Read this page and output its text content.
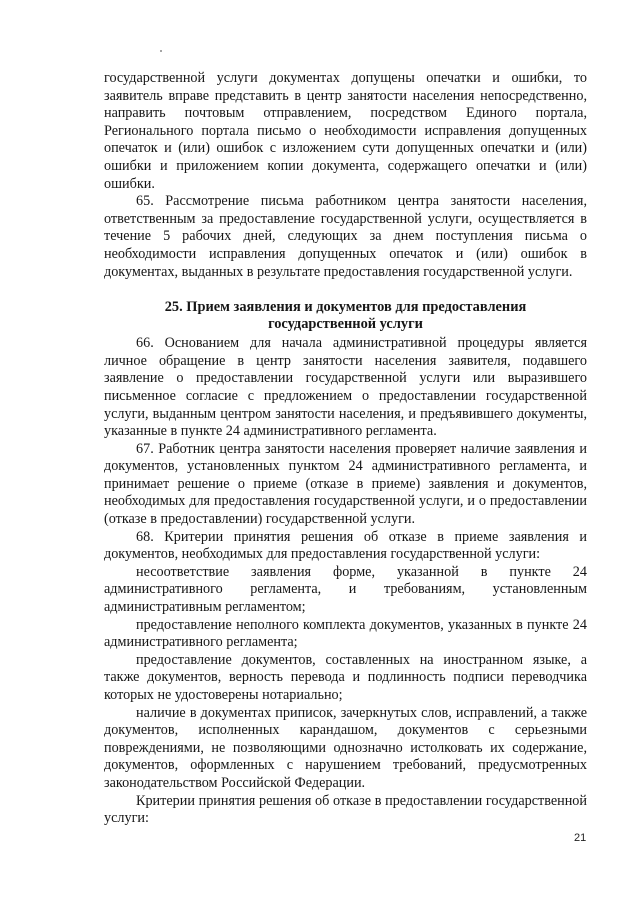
государственной услуги документах допущены опечатки и ошибки, то заявитель вправе представить в центр занятости населения непосредственно, направить почтовым отправлением, посредством Единого портала, Регионального портала письмо о необходимости исправления допущенных опечаток и (или) ошибок с изложением сути допущенных опечатки и (или) ошибки и приложением копии документа, содержащего опечатки и (или) ошибки.

65. Рассмотрение письма работником центра занятости населения, ответственным за предоставление государственной услуги, осуществляется в течение 5 рабочих дней, следующих за днем поступления письма о необходимости исправления допущенных опечаток и (или) ошибок в документах, выданных в результате предоставления государственной услуги.

25. Прием заявления и документов для предоставления
государственной услуги

66. Основанием для начала административной процедуры является личное обращение в центр занятости населения заявителя, подавшего заявление о предоставлении государственной услуги или выразившего письменное согласие с предложением о предоставлении государственной услуги, выданным центром занятости населения, и предъявившего документы, указанные в пункте 24 административного регламента.

67. Работник центра занятости населения проверяет наличие заявления и документов, установленных пунктом 24 административного регламента, и принимает решение о приеме (отказе в приеме) заявления и документов, необходимых для предоставления государственной услуги, и о предоставлении (отказе в предоставлении) государственной услуги.

68. Критерии принятия решения об отказе в приеме заявления и документов, необходимых для предоставления государственной услуги:

несоответствие заявления форме, указанной в пункте 24 административного регламента, и требованиям, установленным административным регламентом;

предоставление неполного комплекта документов, указанных в пункте 24 административного регламента;

предоставление документов, составленных на иностранном языке, а также документов, верность перевода и подлинность подписи переводчика которых не удостоверены нотариально;

наличие в документах приписок, зачеркнутых слов, исправлений, а также документов, исполненных карандашом, документов с серьезными повреждениями, не позволяющими однозначно истолковать их содержание, документов, оформленных с нарушением требований, предусмотренных законодательством Российской Федерации.

Критерии принятия решения об отказе в предоставлении государственной услуги:

21
